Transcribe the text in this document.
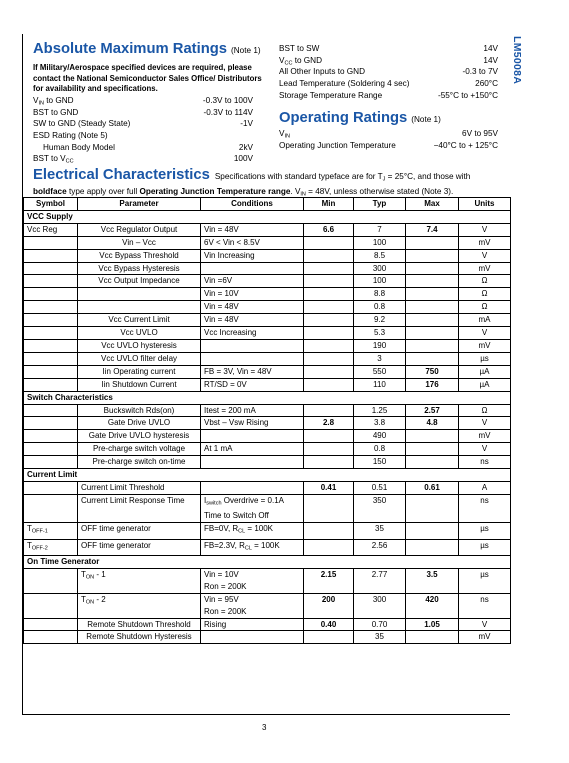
LM5008A
Absolute Maximum Ratings (Note 1)
If Military/Aerospace specified devices are required, please contact the National Semiconductor Sales Office/ Distributors for availability and specifications.
$V_{IN}$ to GND	-0.3V to 100V
BST to GND	-0.3V to 114V
SW to GND (Steady State)	-1V
ESD Rating (Note 5)
Human Body Model	2kV
BST to $V_{CC}$	100V
BST to SW	14V
$V_{CC}$ to GND	14V
All Other Inputs to GND	-0.3 to 7V
Lead Temperature (Soldering 4 sec)	260°C
Storage Temperature Range	-55°C to +150°C
Operating Ratings (Note 1)
$V_{IN}$	6V to 95V
Operating Junction Temperature	−40°C to + 125°C
Electrical Characteristics Specifications with standard typeface are for $T_J = 25^\circ C$, and those with boldface type apply over full Operating Junction Temperature range. $V_{IN} = 48V$, unless otherwise stated (Note 3).
Symbol	Parameter	Conditions	Min	Typ	Max	Units
VCC Supply						
Vcc Reg	Vcc Regulator Output	Vin = 48V	6.6	7	7.4	V
	Vin – Vcc	6V < Vin < 8.5V		100		mV
	Vcc Bypass Threshold	Vin Increasing		8.5		V
	Vcc Bypass Hysteresis			300		mV
	Vcc Output Impedance	Vin =6V		100		Ω
		Vin = 10V		8.8		Ω
		Vin = 48V		0.8		Ω
	Vcc Current Limit	Vin = 48V		9.2		mA
	Vcc UVLO	Vcc Increasing		5.3		V
	Vcc UVLO hysteresis			190		mV
	Vcc UVLO filter delay			3		µs
	Iin Operating current	FB = 3V, Vin = 48V		550	750	µA
	Iin Shutdown Current	RT/SD = 0V		110	176	µA
Switch Characteristics						
	Buckswitch Rds(on)	Itest = 200 mA		1.25	2.57	Ω
	Gate Drive UVLO	Vbst – Vsw Rising	2.8	3.8	4.8	V
	Gate Drive UVLO hysteresis			490		mV
	Pre-charge switch voltage	At 1 mA		0.8		V
	Pre-charge switch on-time			150		ns
Current Limit						
	Current Limit Threshold		0.41	0.51	0.61	A
	Current Limit Response Time	$I_{switch}$ Overdrive = 0.1A Time to Switch Off		350		ns
$T_{OFF-1}$	OFF time generator	FB=0V, $R_{CL} = 100K$		35		µs
$T_{OFF-2}$	OFF time generator	FB=2.3V, $R_{CL} = 100K$		2.56		µs
On Time Generator						
	$T_{ON} - 1$	Vin = 10V
Ron = 200K	2.15	2.77	3.5	µs
	$T_{ON} - 2$	Vin = 95V
Ron = 200K	200	300	420	ns
	Remote Shutdown Threshold	Rising	0.40	0.70	1.05	V
	Remote Shutdown Hysteresis			35		mV
3
